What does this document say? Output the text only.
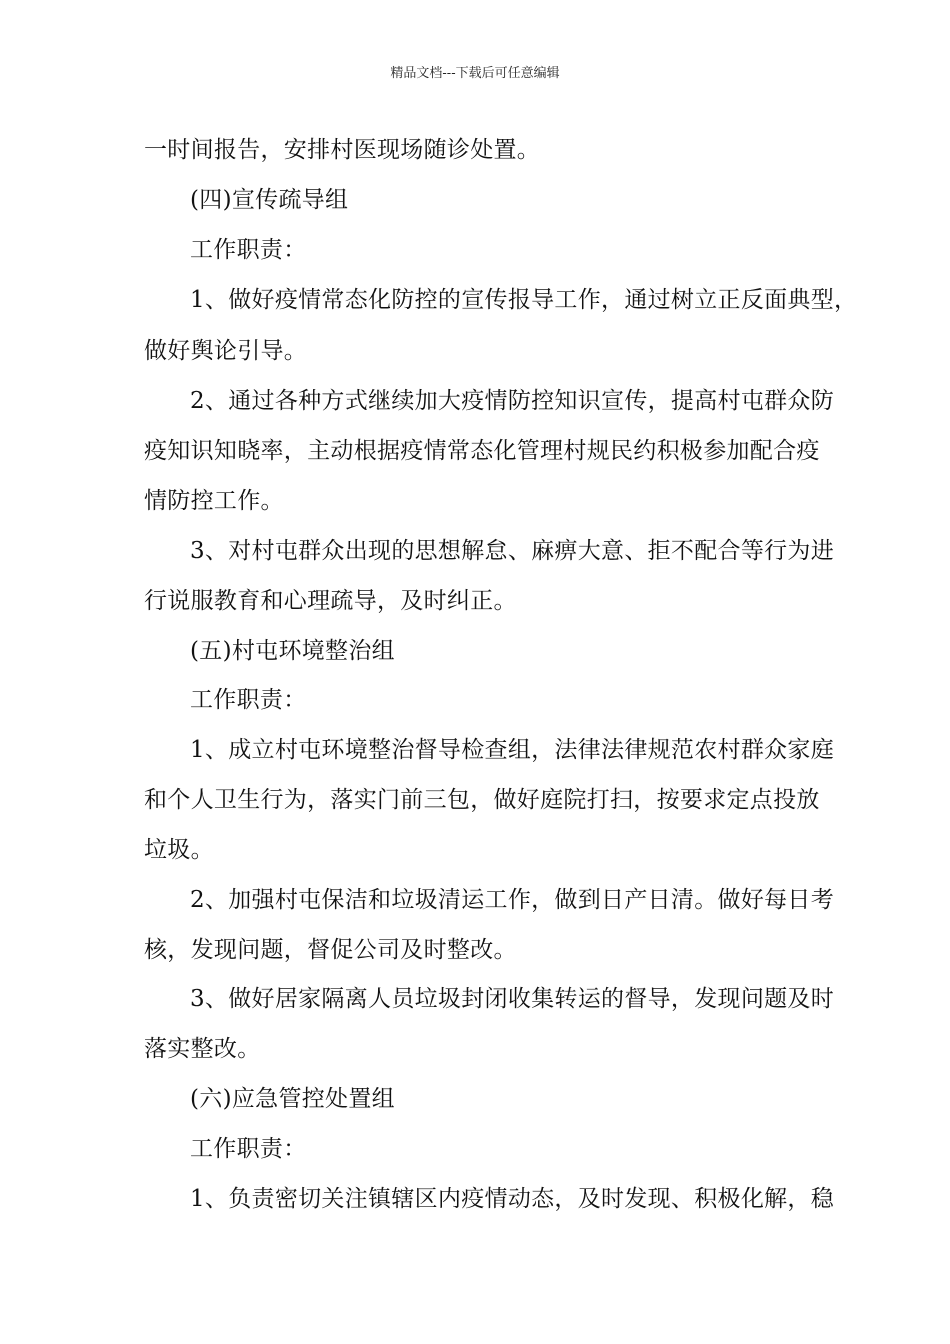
精品文档---下载后可任意编辑
一时间报告，安排村医现场随诊处置。
(四)宣传疏导组
工作职责：
1、做好疫情常态化防控的宣传报导工作，通过树立正反面典型，
做好舆论引导。
2、通过各种方式继续加大疫情防控知识宣传，提高村屯群众防
疫知识知晓率，主动根据疫情常态化管理村规民约积极参加配合疫
情防控工作。
3、对村屯群众出现的思想解怠、麻痹大意、拒不配合等行为进
行说服教育和心理疏导，及时纠正。
(五)村屯环境整治组
工作职责：
1、成立村屯环境整治督导检查组，法律法律规范农村群众家庭
和个人卫生行为，落实门前三包，做好庭院打扫，按要求定点投放
垃圾。
2、加强村屯保洁和垃圾清运工作，做到日产日清。做好每日考
核，发现问题，督促公司及时整改。
3、做好居家隔离人员垃圾封闭收集转运的督导，发现问题及时
落实整改。
(六)应急管控处置组
工作职责：
1、负责密切关注镇辖区内疫情动态，及时发现、积极化解，稳
